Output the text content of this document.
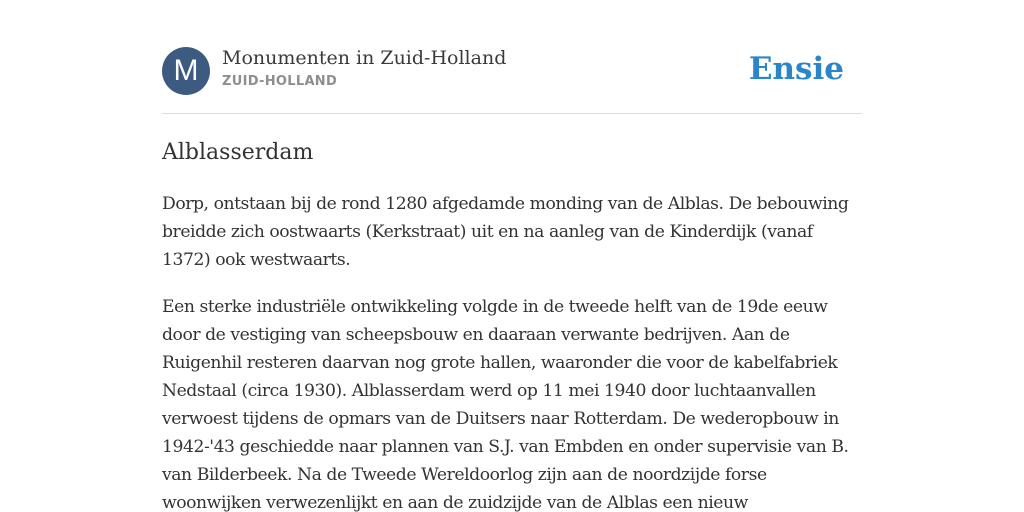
M	Monumenten in Zuid-Holland
ZUID-HOLLAND	Ensie
Alblasserdam

Dorp, ontstaan bij de rond 1280 afgedamde monding van de Alblas. De bebouwing breidde zich oostwaarts (Kerkstraat) uit en na aanleg van de Kinderdijk (vanaf 1372) ook westwaarts.

Een sterke industriële ontwikkeling volgde in de tweede helft van de 19de eeuw door de vestiging van scheepsbouw en daaraan verwante bedrijven. Aan de Ruigenhil resteren daarvan nog grote hallen, waaronder die voor de kabelfabriek Nedstaal (circa 1930). Alblasserdam werd op 11 mei 1940 door luchtaanvallen verwoest tijdens de opmars van de Duitsers naar Rotterdam. De wederopbouw in 1942-'43 geschiedde naar plannen van S.J. van Embden en onder supervisie van B. van Bilderbeek. Na de Tweede Wereldoorlog zijn aan de noordzijde forse woonwijken verwezenlijkt en aan de zuidzijde van de Alblas een nieuw
